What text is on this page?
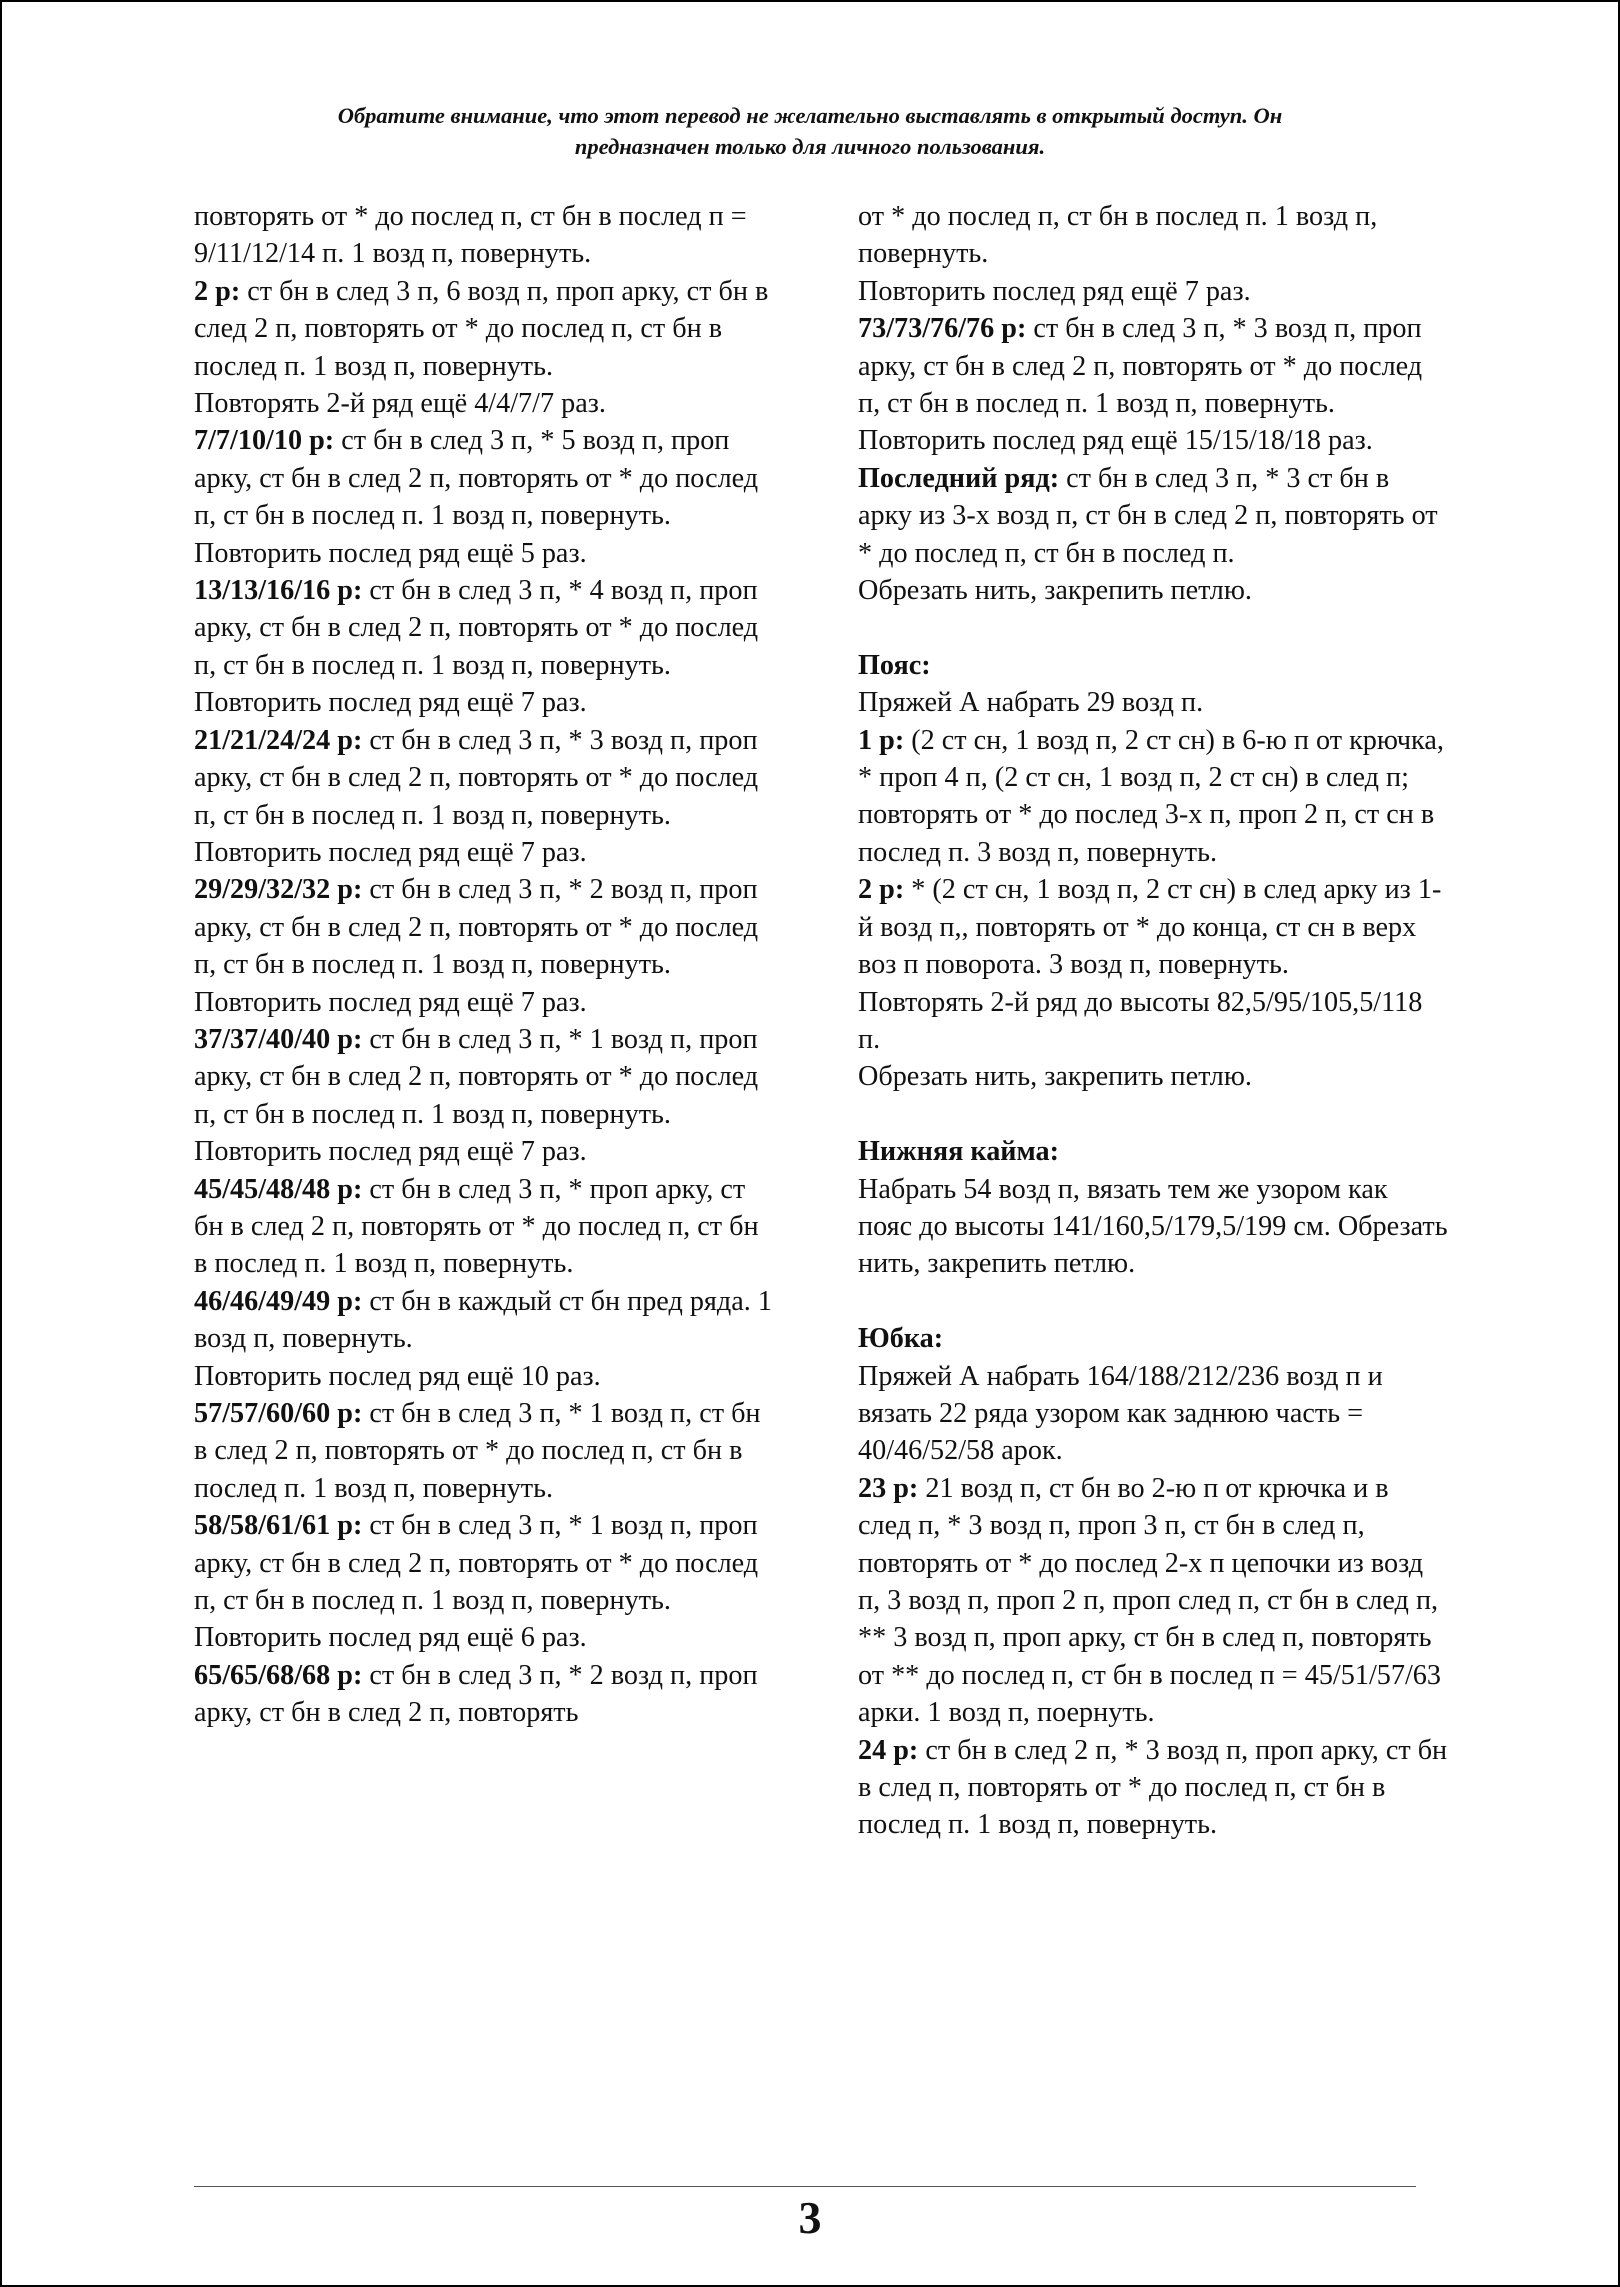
Обратите внимание, что этот перевод не желательно выставлять в открытый доступ. Он
предназначен только для личного пользования.

повторять от * до послед п, ст бн в послед п = 9/11/12/14 п. 1 возд п, повернуть.

2 р: ст бн в след 3 п, 6 возд п, проп арку, ст бн в след 2 п, повторять от * до послед п, ст бн в послед п. 1 возд п, повернуть.

Повторять 2-й ряд ещё 4/4/7/7 раз.

7/7/10/10 р: ст бн в след 3 п, * 5 возд п, проп арку, ст бн в след 2 п, повторять от * до послед п, ст бн в послед п. 1 возд п, повернуть.

Повторить послед ряд ещё 5 раз.

13/13/16/16 р: ст бн в след 3 п, * 4 возд п, проп арку, ст бн в след 2 п, повторять от * до послед п, ст бн в послед п. 1 возд п, повернуть.

Повторить послед ряд ещё 7 раз.

21/21/24/24 р: ст бн в след 3 п, * 3 возд п, проп арку, ст бн в след 2 п, повторять от * до послед п, ст бн в послед п. 1 возд п, повернуть.

Повторить послед ряд ещё 7 раз.

29/29/32/32 р: ст бн в след 3 п, * 2 возд п, проп арку, ст бн в след 2 п, повторять от * до послед п, ст бн в послед п. 1 возд п, повернуть.

Повторить послед ряд ещё 7 раз.

37/37/40/40 р: ст бн в след 3 п, * 1 возд п, проп арку, ст бн в след 2 п, повторять от * до послед п, ст бн в послед п. 1 возд п, повернуть.

Повторить послед ряд ещё 7 раз.

45/45/48/48 р: ст бн в след 3 п, * проп арку, ст бн в след 2 п, повторять от * до послед п, ст бн в послед п. 1 возд п, повернуть.

46/46/49/49 р: ст бн в каждый ст бн пред ряда. 1 возд п, повернуть.

Повторить послед ряд ещё 10 раз.

57/57/60/60 р: ст бн в след 3 п, * 1 возд п, ст бн в след 2 п, повторять от * до послед п, ст бн в послед п. 1 возд п, повернуть.

58/58/61/61 р: ст бн в след 3 п, * 1 возд п, проп арку, ст бн в след 2 п, повторять от * до послед п, ст бн в послед п. 1 возд п, повернуть.

Повторить послед ряд ещё 6 раз.

65/65/68/68 р: ст бн в след 3 п, * 2 возд п, проп арку, ст бн в след 2 п, повторять

от * до послед п, ст бн в послед п. 1 возд п, повернуть.

Повторить послед ряд ещё 7 раз.

73/73/76/76 р: ст бн в след 3 п, * 3 возд п, проп арку, ст бн в след 2 п, повторять от * до послед п, ст бн в послед п. 1 возд п, повернуть.

Повторить послед ряд ещё 15/15/18/18 раз.

Последний ряд: ст бн в след 3 п, * 3 ст бн в арку из 3-х возд п, ст бн в след 2 п, повторять от * до послед п, ст бн в послед п.

Обрезать нить, закрепить петлю.

Пояс:

Пряжей А набрать 29 возд п.

1 р: (2 ст сн, 1 возд п, 2 ст сн) в 6-ю п от крючка, * проп 4 п, (2 ст сн, 1 возд п, 2 ст сн) в след п; повторять от * до послед 3-х п, проп 2 п, ст сн в послед п. 3 возд п, повернуть.

2 р: * (2 ст сн, 1 возд п, 2 ст сн) в след арку из 1-й возд п,, повторять от * до конца, ст сн в верх воз п поворота. 3 возд п, повернуть.

Повторять 2-й ряд до высоты 82,5/95/105,5/118 п.

Обрезать нить, закрепить петлю.

Нижняя кайма:

Набрать 54 возд п, вязать тем же узором как пояс до высоты 141/160,5/179,5/199 см. Обрезать нить, закрепить петлю.

Юбка:

Пряжей А набрать 164/188/212/236 возд п и вязать 22 ряда узором как заднюю часть = 40/46/52/58 арок.

23 р: 21 возд п, ст бн во 2-ю п от крючка и в след п, * 3 возд п, проп 3 п, ст бн в след п, повторять от * до послед 2-х п цепочки из возд п, 3 возд п, проп 2 п, проп след п, ст бн в след п, ** 3 возд п, проп арку, ст бн в след п, повторять от ** до послед п, ст бн в послед п = 45/51/57/63 арки. 1 возд п, поернуть.

24 р: ст бн в след 2 п, * 3 возд п, проп арку, ст бн в след п, повторять от * до послед п, ст бн в послед п. 1 возд п, повернуть.

3
